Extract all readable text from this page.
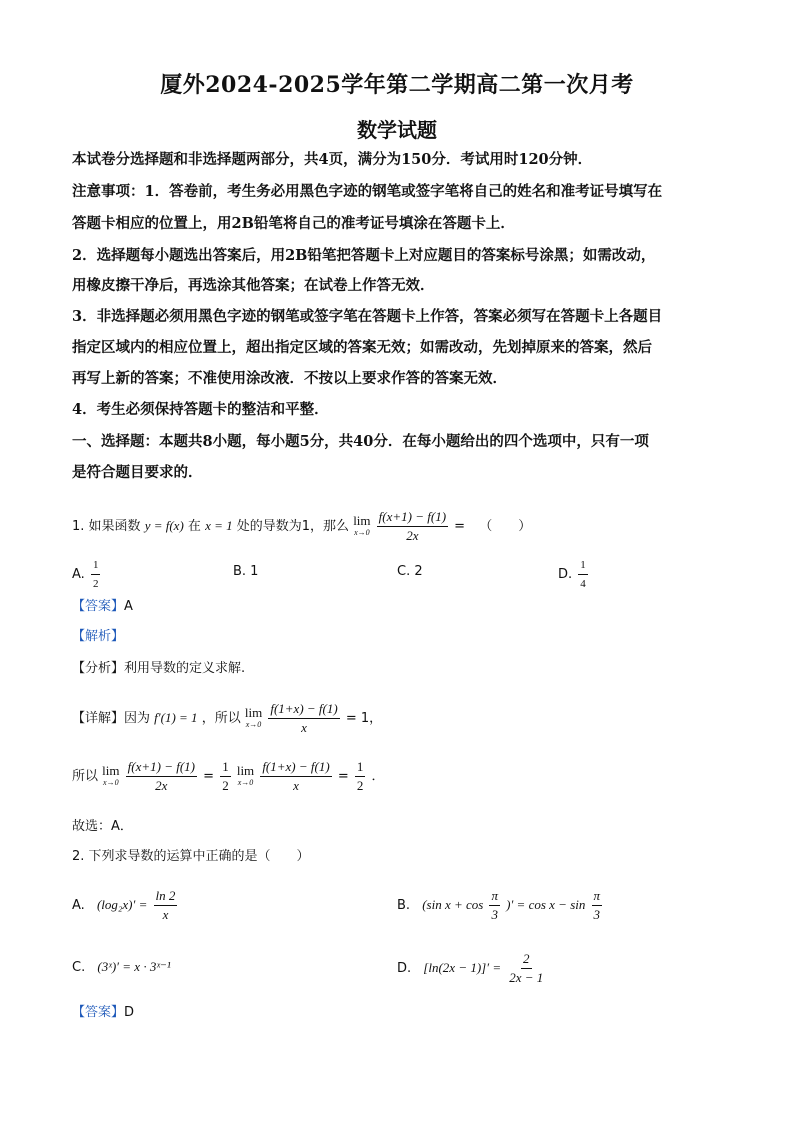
厦外2024-2025学年第二学期高二第一次月考
数学试题
本试卷分选择题和非选择题两部分，共4页，满分为150分．考试用时120分钟．
注意事项：1．答卷前，考生务必用黑色字迹的钢笔或签字笔将自己的姓名和准考证号填写在
答题卡相应的位置上，用2B铅笔将自己的准考证号填涂在答题卡上．
2．选择题每小题选出答案后，用2B铅笔把答题卡上对应题目的答案标号涂黑；如需改动，
用橡皮擦干净后，再选涂其他答案；在试卷上作答无效．
3．非选择题必须用黑色字迹的钢笔或签字笔在答题卡上作答，答案必须写在答题卡上各题目
指定区域内的相应位置上，超出指定区域的答案无效；如需改动，先划掉原来的答案，然后
再写上新的答案；不准使用涂改液．不按以上要求作答的答案无效．
4．考生必须保持答题卡的整洁和平整．
一、选择题：本题共8小题，每小题5分，共40分．在每小题给出的四个选项中，只有一项
是符合题目要求的．
1. 如果函数 y = f(x) 在 x = 1 处的导数为1，那么 lim
x→0
$\frac{f(x+1) - f(1)}{2x}$ = （　　）
A. $\frac{1}{2}$	B. 1	C. 2	D. $\frac{1}{4}$
【答案】A
【解析】
【分析】利用导数的定义求解.
【详解】因为 f′(1) = 1 ，所以 lim
x→0
$\frac{f(1+x) - f(1)}{x} = 1$，
所以 lim
x→0
$\frac{f(x+1) - f(1)}{2x} = \frac{1}{2}$
lim
x→0
$\frac{f(1+x) - f(1)}{x} = \frac{1}{2}$ ．
故选：A．
2. 下列求导数的运算中正确的是（　　）
A. $(\log_2x)' = \frac{\ln 2}{x}$	B. (sin $x + \cos \frac{\pi}{3}$ )′ = $\cos x - \sin \frac{\pi}{3}$
C. (3ˣ)′ = x · 3ˣ⁻¹	D. $[\ln(2x - 1)]' = \frac{2}{2x - 1}$
【答案】D
